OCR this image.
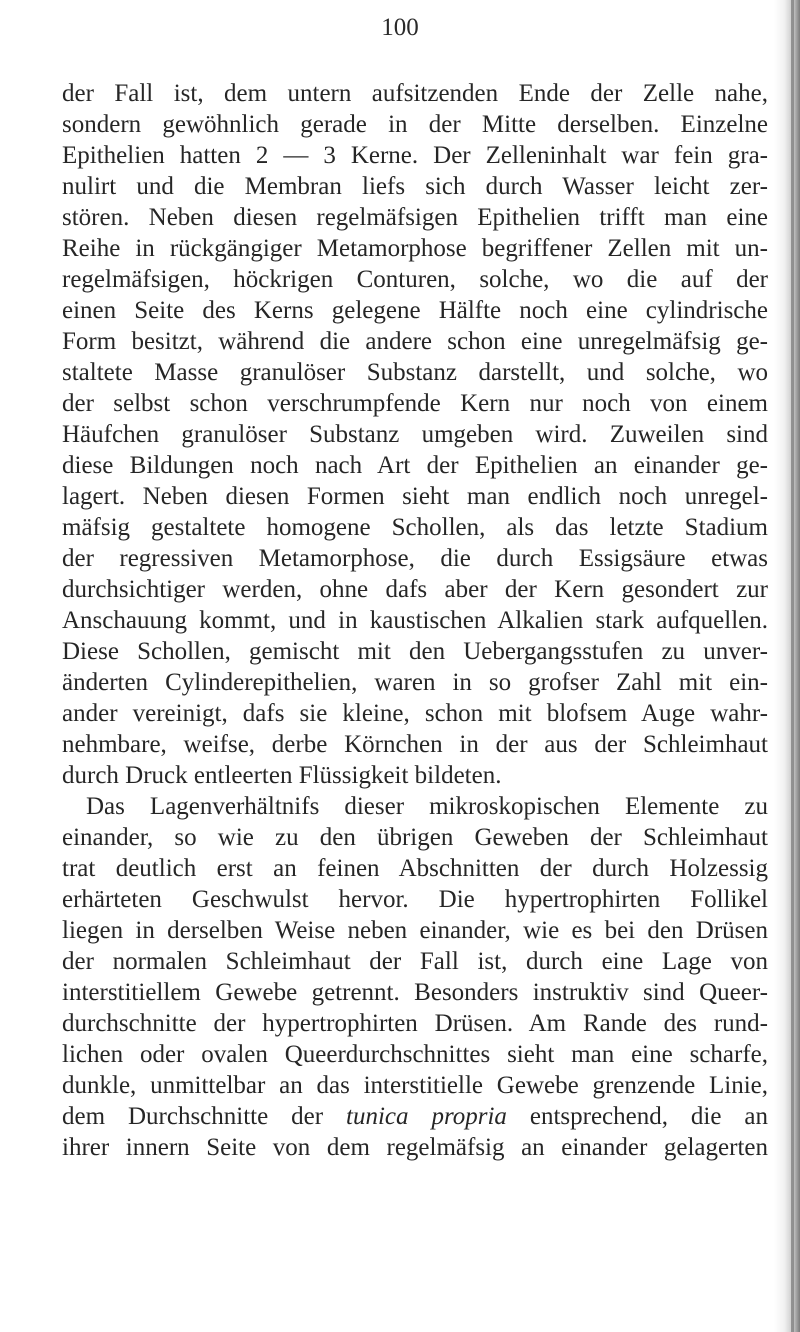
100
der Fall ist, dem untern aufsitzenden Ende der Zelle nahe,
sondern gewöhnlich gerade in der Mitte derselben. Einzelne
Epithelien hatten 2 — 3 Kerne. Der Zelleninhalt war fein gra-
nulirt und die Membran liefs sich durch Wasser leicht zer-
stören. Neben diesen regelmäfsigen Epithelien trifft man eine
Reihe in rückgängiger Metamorphose begriffener Zellen mit un-
regelmäfsigen, höckrigen Conturen, solche, wo die auf der
einen Seite des Kerns gelegene Hälfte noch eine cylindrische
Form besitzt, während die andere schon eine unregelmäfsig ge-
staltete Masse granulöser Substanz darstellt, und solche, wo
der selbst schon verschrumpfende Kern nur noch von einem
Häufchen granulöser Substanz umgeben wird. Zuweilen sind
diese Bildungen noch nach Art der Epithelien an einander ge-
lagert. Neben diesen Formen sieht man endlich noch unregel-
mäfsig gestaltete homogene Schollen, als das letzte Stadium
der regressiven Metamorphose, die durch Essigsäure etwas
durchsichtiger werden, ohne dafs aber der Kern gesondert zur
Anschauung kommt, und in kaustischen Alkalien stark aufquellen.
Diese Schollen, gemischt mit den Uebergangsstufen zu unver-
änderten Cylinderepithelien, waren in so grofser Zahl mit ein-
ander vereinigt, dafs sie kleine, schon mit blofsem Auge wahr-
nehmbare, weifse, derbe Körnchen in der aus der Schleimhaut
durch Druck entleerten Flüssigkeit bildeten.
Das Lagenverhältnifs dieser mikroskopischen Elemente zu
einander, so wie zu den übrigen Geweben der Schleimhaut
trat deutlich erst an feinen Abschnitten der durch Holzessig
erhärteten Geschwulst hervor. Die hypertrophirten Follikel
liegen in derselben Weise neben einander, wie es bei den Drüsen
der normalen Schleimhaut der Fall ist, durch eine Lage von
interstitiellem Gewebe getrennt. Besonders instruktiv sind Queer-
durchschnitte der hypertrophirten Drüsen. Am Rande des rund-
lichen oder ovalen Queerdurchschnittes sieht man eine scharfe,
dunkle, unmittelbar an das interstitielle Gewebe grenzende Linie,
dem Durchschnitte der tunica propria entsprechend, die an
ihrer innern Seite von dem regelmäfsig an einander gelagerten
